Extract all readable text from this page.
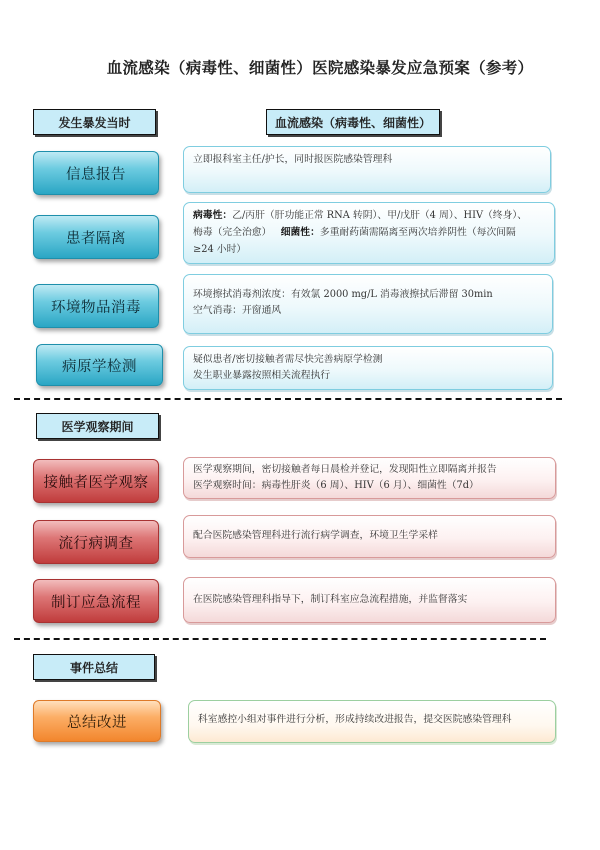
血流感染（病毒性、细菌性）医院感染暴发应急预案（参考）
发生暴发当时	血流感染（病毒性、细菌性）
信息报告
立即报科室主任/护长，同时报医院感染管理科
患者隔离
病毒性：乙/丙肝（肝功能正常 RNA 转阴）、甲/戊肝（4 周）、HIV（终身）、
梅毒（完全治愈） 细菌性：多重耐药菌需隔离至两次培养阴性（每次间隔
≥24 小时）
环境物品消毒
环境擦拭消毒剂浓度：有效氯 2000 mg/L 消毒液擦拭后滞留 30min
空气消毒：开窗通风
病原学检测	疑似患者/密切接触者需尽快完善病原学检测
发生职业暴露按照相关流程执行
医学观察期间
接触者医学观察
医学观察期间，密切接触者每日晨检并登记，发现阳性立即隔离并报告
医学观察时间：病毒性肝炎（6 周）、HIV（6 月）、细菌性（7d）
流行病调查	配合医院感染管理科进行流行病学调查，环境卫生学采样
制订应急流程	在医院感染管理科指导下，制订科室应急流程措施，并监督落实
事件总结
总结改进	科室感控小组对事件进行分析，形成持续改进报告，提交医院感染管理科
